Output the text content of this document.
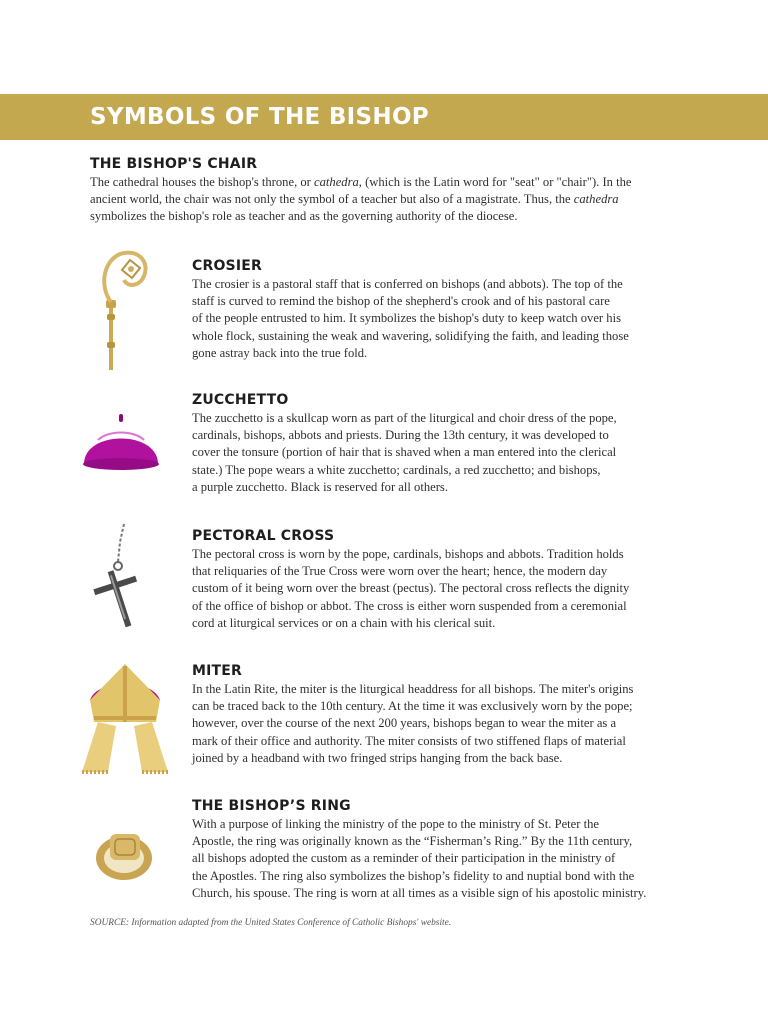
SYMBOLS OF THE BISHOP

THE BISHOP'S CHAIR

The cathedral houses the bishop's throne, or cathedra, (which is the Latin word for "seat" or "chair"). In the
ancient world, the chair was not only the symbol of a teacher but also of a magistrate. Thus, the cathedra
symbolizes the bishop's role as teacher and as the governing authority of the diocese.

CROSIER

The crosier is a pastoral staff that is conferred on bishops (and abbots). The top of the
staff is curved to remind the bishop of the shepherd's crook and of his pastoral care
of the people entrusted to him. It symbolizes the bishop's duty to keep watch over his
whole flock, sustaining the weak and wavering, solidifying the faith, and leading those
gone astray back into the true fold.

ZUCCHETTO

The zucchetto is a skullcap worn as part of the liturgical and choir dress of the pope,
cardinals, bishops, abbots and priests. During the 13th century, it was developed to
cover the tonsure (portion of hair that is shaved when a man entered into the clerical
state.) The pope wears a white zucchetto; cardinals, a red zucchetto; and bishops,
a purple zucchetto. Black is reserved for all others.

PECTORAL CROSS

The pectoral cross is worn by the pope, cardinals, bishops and abbots. Tradition holds
that reliquaries of the True Cross were worn over the heart; hence, the modern day
custom of it being worn over the breast (pectus). The pectoral cross reflects the dignity
of the office of bishop or abbot. The cross is either worn suspended from a ceremonial
cord at liturgical services or on a chain with his clerical suit.

MITER

In the Latin Rite, the miter is the liturgical headdress for all bishops. The miter's origins
can be traced back to the 10th century. At the time it was exclusively worn by the pope;
however, over the course of the next 200 years, bishops began to wear the miter as a
mark of their office and authority. The miter consists of two stiffened flaps of material
joined by a headband with two fringed strips hanging from the back base.

THE BISHOP’S RING

With a purpose of linking the ministry of the pope to the ministry of St. Peter the
Apostle, the ring was originally known as the “Fisherman’s Ring.” By the 11th century,
all bishops adopted the custom as a reminder of their participation in the ministry of
the Apostles. The ring also symbolizes the bishop’s fidelity to and nuptial bond with the
Church, his spouse. The ring is worn at all times as a visible sign of his apostolic ministry.
SOURCE: Information adapted from the United States Conference of Catholic Bishops' website.
